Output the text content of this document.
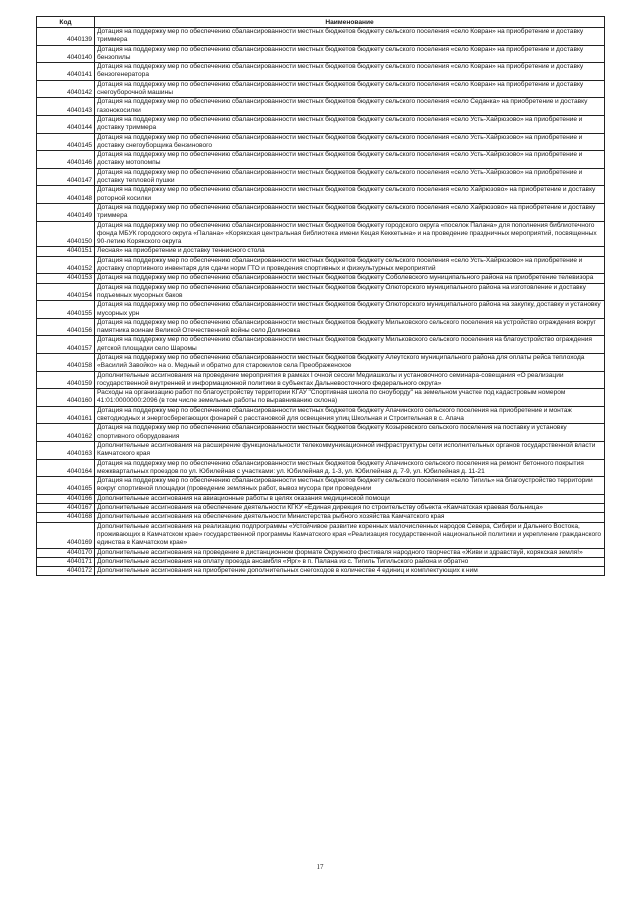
Код	Наименование
4040139	Дотация на поддержку мер по обеспечению сбалансированности местных бюджетов бюджету сельского поселения «село Ковран» на приобретение и доставку триммера
4040140	Дотация на поддержку мер по обеспечению сбалансированности местных бюджетов бюджету сельского поселения «село Ковран» на приобретение и доставку бензопилы
4040141	Дотация на поддержку мер по обеспечению сбалансированности местных бюджетов бюджету сельского поселения «село Ковран» на приобретение и доставку бензогенератора
4040142	Дотация на поддержку мер по обеспечению сбалансированности местных бюджетов бюджету сельского поселения «село Ковран» на приобретение и доставку снегоуборочной машины
4040143	Дотация на поддержку мер по обеспечению сбалансированности местных бюджетов бюджету сельского поселения «село Седанка» на приобретение и доставку газонокосилки
4040144	Дотация на поддержку мер по обеспечению сбалансированности местных бюджетов бюджету сельского поселения «село Усть-Хайрюзово» на приобретение и доставку триммера
4040145	Дотация на поддержку мер по обеспечению сбалансированности местных бюджетов бюджету сельского поселения «село Усть-Хайрюзово» на приобретение и доставку снегоуборщика бензинового
4040146	Дотация на поддержку мер по обеспечению сбалансированности местных бюджетов бюджету сельского поселения «село Усть-Хайрюзово» на приобретение и доставку мотопомпы
4040147	Дотация на поддержку мер по обеспечению сбалансированности местных бюджетов бюджету сельского поселения «село Усть-Хайрюзово» на приобретение и доставку тепловой пушки
4040148	Дотация на поддержку мер по обеспечению сбалансированности местных бюджетов бюджету сельского поселения «село Хайрюзово» на приобретение и доставку роторной косилки
4040149	Дотация на поддержку мер по обеспечению сбалансированности местных бюджетов бюджету сельского поселения «село Хайрюзово» на приобретение и доставку триммера
4040150	Дотация на поддержку мер по обеспечению сбалансированности местных бюджетов бюджету городского округа «поселок Палана» для пополнения библиотечного фонда МБУК городского округа «Палана» «Корякская центральная библиотека имени Кецая Кеккетына» и на проведение праздничных мероприятий, посвященных 90-летию Корякского округа
4040151	Лесная» на приобретение и доставку теннисного стола
4040152	Дотация на поддержку мер по обеспечению сбалансированности местных бюджетов бюджету сельского поселения «село Усть-Хайрюзово» на приобретение и доставку спортивного инвентаря для сдачи норм ГТО и проведения спортивных и физкультурных мероприятий
4040153	Дотация на поддержку мер по обеспечению сбалансированности местных бюджетов бюджету Соболевского муниципального района на приобретение телевизора
4040154	Дотация на поддержку мер по обеспечению сбалансированности местных бюджетов бюджету Олюторского муниципального района на изготовление и доставку подъемных мусорных баков
4040155	Дотация на поддержку мер по обеспечению сбалансированности местных бюджетов бюджету Олюторского муниципального района на закупку, доставку и установку мусорных урн
4040156	Дотация на поддержку мер по обеспечению сбалансированности местных бюджетов бюджету Мильковского сельского поселения на устройство ограждения вокруг памятника воинам Великой Отечественной войны село Долиновка
4040157	Дотация на поддержку мер по обеспечению сбалансированности местных бюджетов бюджету Мильковского сельского поселения на благоустройство ограждения детской площадки село Шаромы
4040158	Дотация на поддержку мер по обеспечению сбалансированности местных бюджетов бюджету Алеутского муниципального района для оплаты рейса теплохода «Василий Завойко» на о. Медный и обратно для старожилов села Преображенское
4040159	Дополнительные ассигнования на проведение мероприятия в рамках I очной сессии Медиашколы и установочного семинара-совещания «О реализации государственной внутренней и информационной политики в субъектах Дальневосточного федерального округа»
4040160	Расходы на организацию работ по благоустройству территории КГАУ "Спортивная школа по сноуборду" на земельном участке под кадастровым номером 41:01:0000000:2096 (в том числе земельные работы по выравниванию склона)
4040161	Дотация на поддержку мер по обеспечению сбалансированности местных бюджетов бюджету Апачинского сельского поселения на приобретение и монтаж светодиодных и энергосберегающих фонарей с расстановкой для освещения улиц Школьная и Строительная в с. Апача
4040162	Дотация на поддержку мер по обеспечению сбалансированности местных бюджетов бюджету Козыревского сельского поселения на поставку и установку спортивного оборудования
4040163	Дополнительные ассигнования на расширение функциональности телекоммуникационной инфраструктуры сети исполнительных органов государственной власти Камчатского края
4040164	Дотация на поддержку мер по обеспечению сбалансированности местных бюджетов бюджету Апачинского сельского поселения на ремонт бетонного покрытия межквартальных проездов по ул. Юбилейная с участками: ул. Юбилейная д. 1-3, ул. Юбилейная д. 7-9, ул. Юбилейная д. 11-21
4040165	Дотация на поддержку мер по обеспечению сбалансированности местных бюджетов бюджету сельского поселения «село Тигиль» на благоустройство территории вокруг спортивной площадки (проведение земляных работ, вывоз мусора при проведении
4040166	Дополнительные ассигнования на авиационные работы в целях оказания медицинской помощи
4040167	Дополнительные ассигнования на обеспечение деятельности КГКУ «Единая дирекция по строительству объекта «Камчатская краевая больница»
4040168	Дополнительные ассигнования на обеспечение деятельности Министерства рыбного хозяйства Камчатского края
4040169	Дополнительные ассигнования на реализацию подпрограммы «Устойчивое развитие коренных малочисленных народов Севера, Сибири и Дальнего Востока, проживающих в Камчатском крае» государственной программы Камчатского края «Реализация государственной национальной политики и укрепление гражданского единства в Камчатском крае»
4040170	Дополнительные ассигнования на проведение в дистанционном формате Окружного фестиваля народного творчества «Живи и здравствуй, корякская земля!»
4040171	Дополнительные ассигнования на оплату проезда ансамбля «Ярг» в п. Палана из с. Тигиль Тигильского района и обратно
4040172	Дополнительные ассигнования на приобретение дополнительных снегоходов в количестве 4 единиц и комплектующих к ним
17
